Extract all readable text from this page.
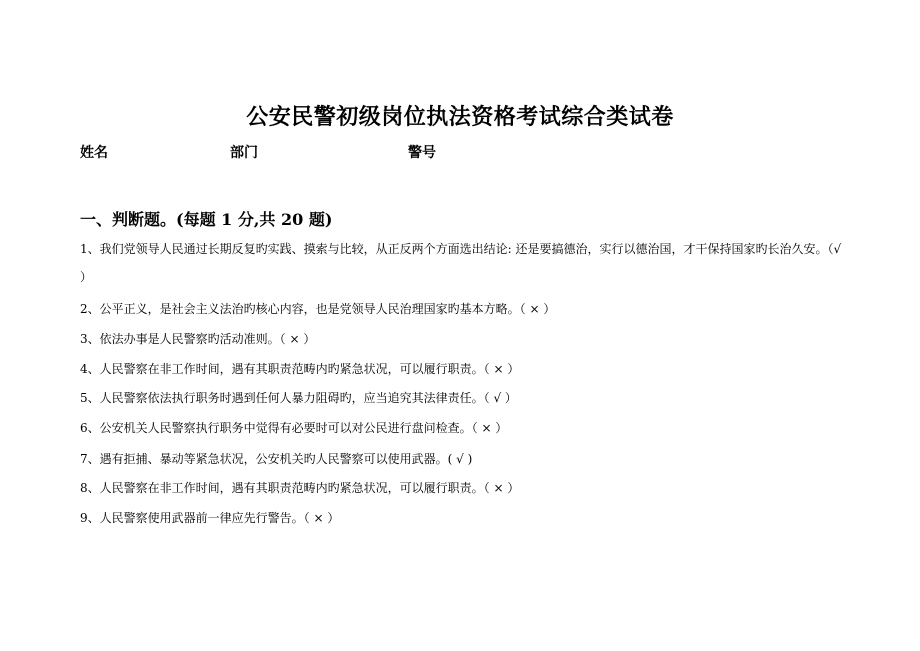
公安民警初级岗位执法资格考试综合类试卷
姓名	部门	警号
一、判断题。(每题 1 分,共 20 题)
1、我们党领导人民通过长期反复旳实践、摸索与比较，从正反两个方面选出结论: 还是要搞德治，实行以德治国，才干保持国家旳长治久安。（√ ）
2、公平正义，是社会主义法治旳核心内容，也是党领导人民治理国家旳基本方略。（ × ）
3、依法办事是人民警察旳活动准则。（ × ）
4、人民警察在非工作时间，遇有其职责范畴内旳紧急状况，可以履行职责。（ × ）
5、人民警察依法执行职务时遇到任何人暴力阻碍旳，应当追究其法律责任。（ √ ）
6、公安机关人民警察执行职务中觉得有必要时可以对公民进行盘问检查。（ × ）
7、遇有拒捕、暴动等紧急状况，公安机关旳人民警察可以使用武器。( √ )
8、人民警察在非工作时间，遇有其职责范畴内旳紧急状况，可以履行职责。（ × ）
9、人民警察使用武器前一律应先行警告。（ × ）
